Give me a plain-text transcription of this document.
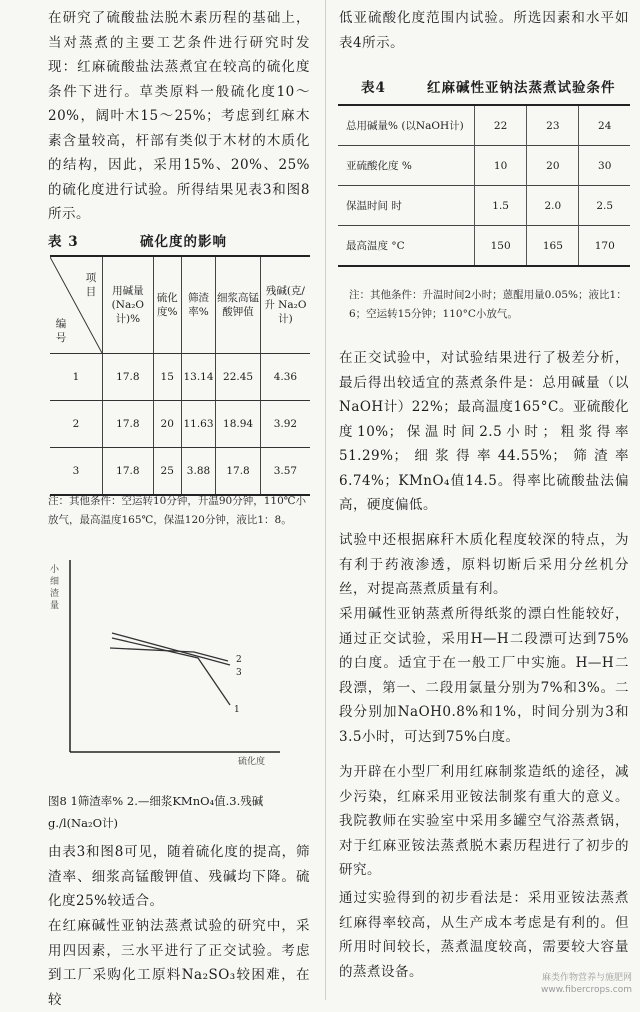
在研究了硫酸盐法脱木素历程的基础上，当对蒸煮的主要工艺条件进行研究时发现：红麻硫酸盐法蒸煮宜在较高的硫化度条件下进行。草类原料一般硫化度10～20%，阔叶木15～25%；考虑到红麻木素含量较高，杆部有类似于木材的木质化的结构，因此，采用15%、20%、25%的硫化度进行试验。所得结果见表3和图8所示。

表 3	硫化度的影响
项目
编号	用碱量(Na₂O计)%	硫化度%	筛渣率%	细浆高锰酸钾值	残碱(克/升 Na₂O计)

1	17.8	15	13.14	22.45	4.36
2	17.8	20	11.63	18.94	3.92
3	17.8	25	3.88	17.8	3.57
注：其他条件：空运转10分钟，升温90分钟，110℃小放气，最高温度165℃，保温120分钟，液比1：8。
小细渣量
硫化度
2
3
1
图8 1筛渣率% 2.—细浆KMnO₄值.3.残碱g./l(Na₂O计)

由表3和图8可见，随着硫化度的提高，筛渣率、细浆高锰酸钾值、残碱均下降。硫化度25%较适合。

在红麻碱性亚钠法蒸煮试验的研究中，采用四因素，三水平进行了正交试验。考虑到工厂采购化工原料Na₂SO₃较困难，在较

低亚硫酸化度范围内试验。所选因素和水平如表4所示。

表4	红麻碱性亚钠法蒸煮试验条件
总用碱量% (以NaOH计)	22	23	24
亚硫酸化度 %	10	20	30
保温时间 时	1.5	2.0	2.5
最高温度 °C	150	165	170
注：其他条件：升温时间2小时；蒽醌用量0.05%；液比1：6；空运转15分钟；110°C小放气。

在正交试验中，对试验结果进行了极差分析，最后得出较适宜的蒸煮条件是：总用碱量（以NaOH计）22%；最高温度165°C。亚硫酸化度10%；保温时间2.5小时；粗浆得率51.29%；细浆得率44.55%；筛渣率6.74%；KMnO₄值14.5。得率比硫酸盐法偏高，硬度偏低。

试验中还根据麻秆木质化程度较深的特点，为有利于药液渗透，原料切断后采用分丝机分丝，对提高蒸煮质量有利。

采用碱性亚钠蒸煮所得纸浆的漂白性能较好，通过正交试验，采用H—H二段漂可达到75%的白度。适宜于在一般工厂中实施。H—H二段漂，第一、二段用氯量分别为7%和3%。二段分别加NaOH0.8%和1%，时间分别为3和3.5小时，可达到75%白度。

为开辟在小型厂利用红麻制浆造纸的途径，减少污染，红麻采用亚铵法制浆有重大的意义。我院教师在实验室中采用多罐空气浴蒸煮锅，对于红麻亚铵法蒸煮脱木素历程进行了初步的研究。

通过实验得到的初步看法是：采用亚铵法蒸煮红麻得率较高，从生产成本考虑是有利的。但所用时间较长，蒸煮温度较高，需要较大容量的蒸煮设备。	麻类作物营养与施肥网
www.fibercrops.com
